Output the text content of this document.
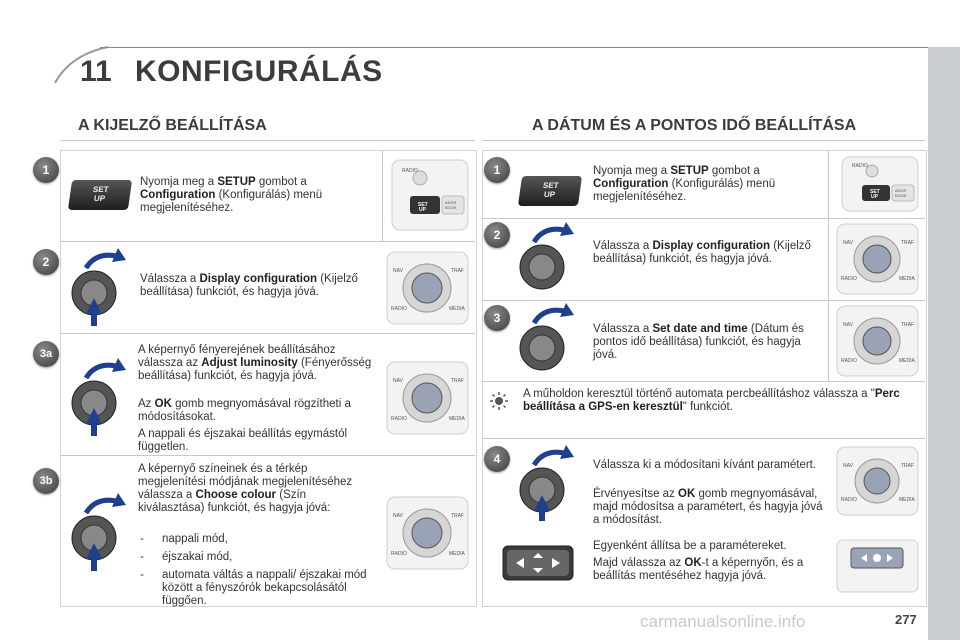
11 KONFIGURÁLÁS
A KIJELZŐ BEÁLLÍTÁSA	A DÁTUM ÉS A PONTOS IDŐ BEÁLLÍTÁSA
1
SET
UP
Nyomja meg a SETUP gombot a Configuration (Konfigurálás) menü megjelenítéséhez.
RADIO
SET
UP
ADDR
BOOK
2
Válassza a Display configuration (Kijelző beállítása) funkciót, és hagyja jóvá.
NAV	TRAF
RADIO	MEDIA
3a	A képernyő fényerejének beállításához válassza az Adjust luminosity (Fényerősség beállítása) funkciót, és hagyja jóvá.
Az OK gomb megnyomásával rögzítheti a módosításokat.
A nappali és éjszakai beállítás egymástól független.
NAV	TRAF
RADIO	MEDIA
3b
A képernyő színeinek és a térkép megjelenítési módjának megjelenítéséhez válassza a Choose colour (Szín kiválasztása) funkciót, és hagyja jóvá:
- nappali mód,
- éjszakai mód,
- automata váltás a nappali/ éjszakai mód között a fényszórók bekapcsolásától függően.
NAV	TRAF
RADIO	MEDIA
1
SET
UP
Nyomja meg a SETUP gombot a Configuration (Konfigurálás) menü megjelenítéséhez.
RADIO
SET
UP
ADDR
BOOK
2
Válassza a Display configuration (Kijelző beállítása) funkciót, és hagyja jóvá.
NAV	TRAF
RADIO	MEDIA
3
Válassza a Set date and time (Dátum és pontos idő beállítása) funkciót, és hagyja jóvá.
NAV	TRAF
RADIO	MEDIA
A műholdon keresztül történő automata percbeállításhoz válassza a "Perc beállítása a GPS-en keresztül" funkciót.
4	Válassza ki a módosítani kívánt paramétert.
Érvényesítse az OK gomb megnyomásával, majd módosítsa a paramétert, és hagyja jóvá a módosítást.
NAV	TRAF
RADIO	MEDIA
Egyenként állítsa be a paramétereket.
Majd válassza az OK-t a képernyőn, és a beállítás mentéséhez hagyja jóvá.
carmanualsonline.info	277
